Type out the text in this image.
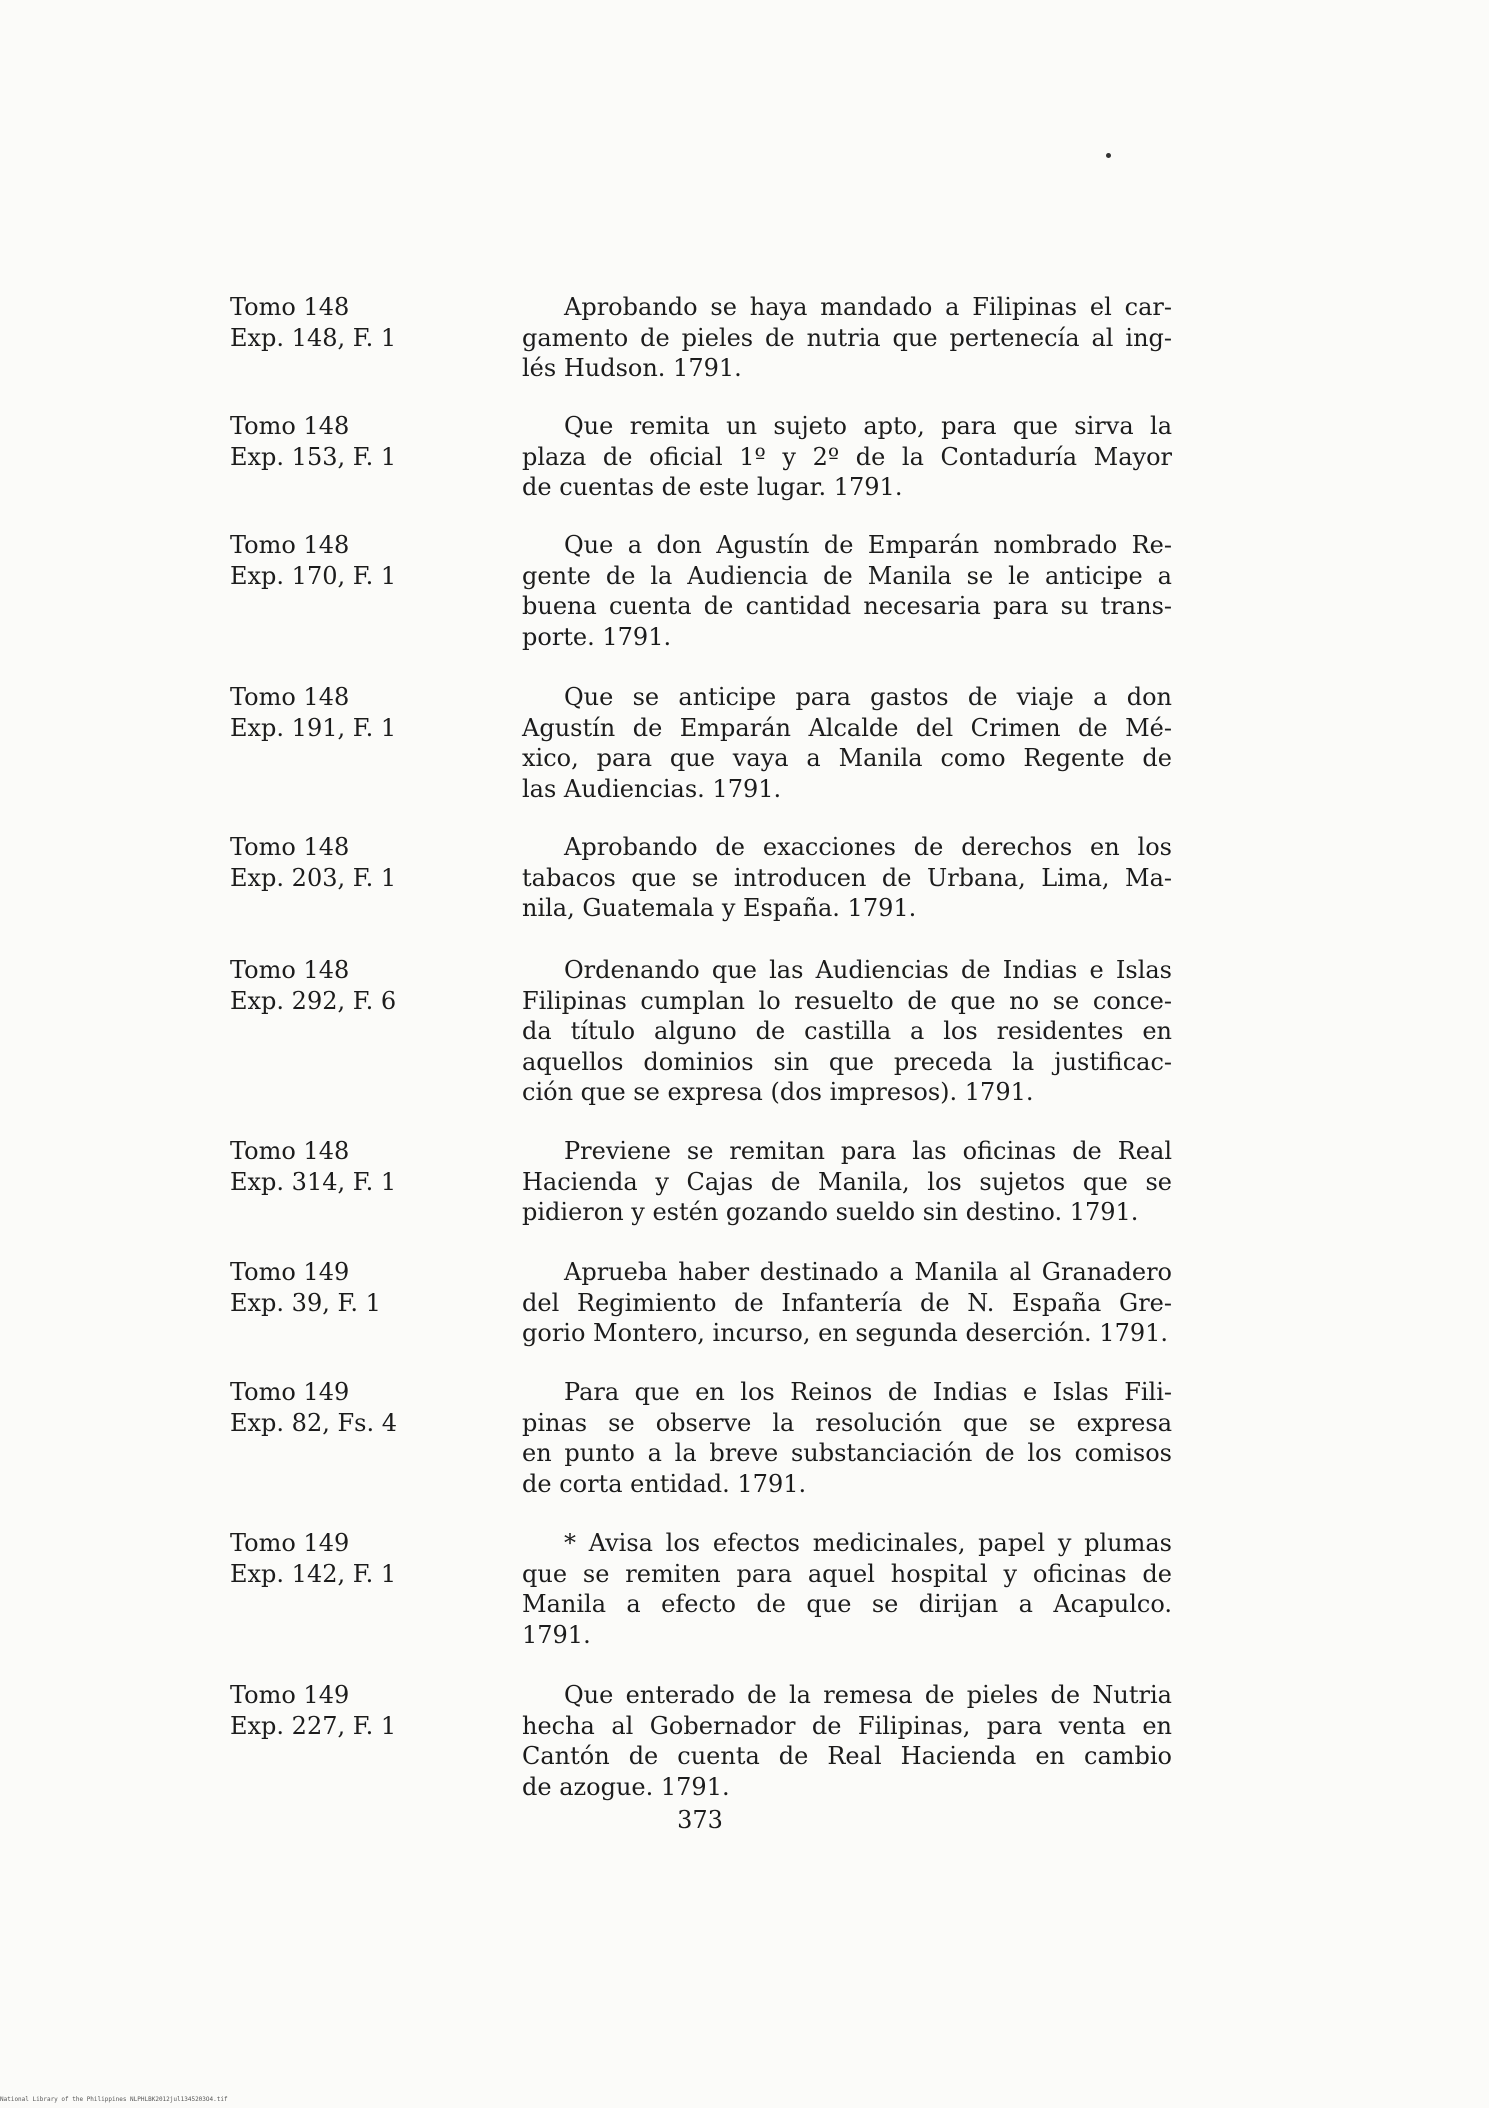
Tomo 148
Exp. 148, F. 1
Aprobando se haya mandado a Filipinas el car-
gamento de pieles de nutria que pertenecía al ing-
lés Hudson. 1791.
Tomo 148
Exp. 153, F. 1
Que remita un sujeto apto, para que sirva la
plaza de oficial 1º y 2º de la Contaduría Mayor
de cuentas de este lugar. 1791.
Tomo 148
Exp. 170, F. 1
Que a don Agustín de Emparán nombrado Re-
gente de la Audiencia de Manila se le anticipe a
buena cuenta de cantidad necesaria para su trans-
porte. 1791.
Tomo 148
Exp. 191, F. 1
Que se anticipe para gastos de viaje a don
Agustín de Emparán Alcalde del Crimen de Mé-
xico, para que vaya a Manila como Regente de
las Audiencias. 1791.
Tomo 148
Exp. 203, F. 1
Aprobando de exacciones de derechos en los
tabacos que se introducen de Urbana, Lima, Ma-
nila, Guatemala y España. 1791.
Tomo 148
Exp. 292, F. 6
Ordenando que las Audiencias de Indias e Islas
Filipinas cumplan lo resuelto de que no se conce-
da título alguno de castilla a los residentes en
aquellos dominios sin que preceda la justificac-
ción que se expresa (dos impresos). 1791.
Tomo 148
Exp. 314, F. 1
Previene se remitan para las oficinas de Real
Hacienda y Cajas de Manila, los sujetos que se
pidieron y estén gozando sueldo sin destino. 1791.
Tomo 149
Exp. 39, F. 1
Aprueba haber destinado a Manila al Granadero
del Regimiento de Infantería de N. España Gre-
gorio Montero, incurso, en segunda deserción. 1791.
Tomo 149
Exp. 82, Fs. 4
Para que en los Reinos de Indias e Islas Fili-
pinas se observe la resolución que se expresa
en punto a la breve substanciación de los comisos
de corta entidad. 1791.
Tomo 149
Exp. 142, F. 1
* Avisa los efectos medicinales, papel y plumas
que se remiten para aquel hospital y oficinas de
Manila a efecto de que se dirijan a Acapulco.
1791.
Tomo 149
Exp. 227, F. 1
Que enterado de la remesa de pieles de Nutria
hecha al Gobernador de Filipinas, para venta en
Cantón de cuenta de Real Hacienda en cambio
de azogue. 1791.
373
National Library of the Philippines NLPHLBK2012jul1345203O4.tif
